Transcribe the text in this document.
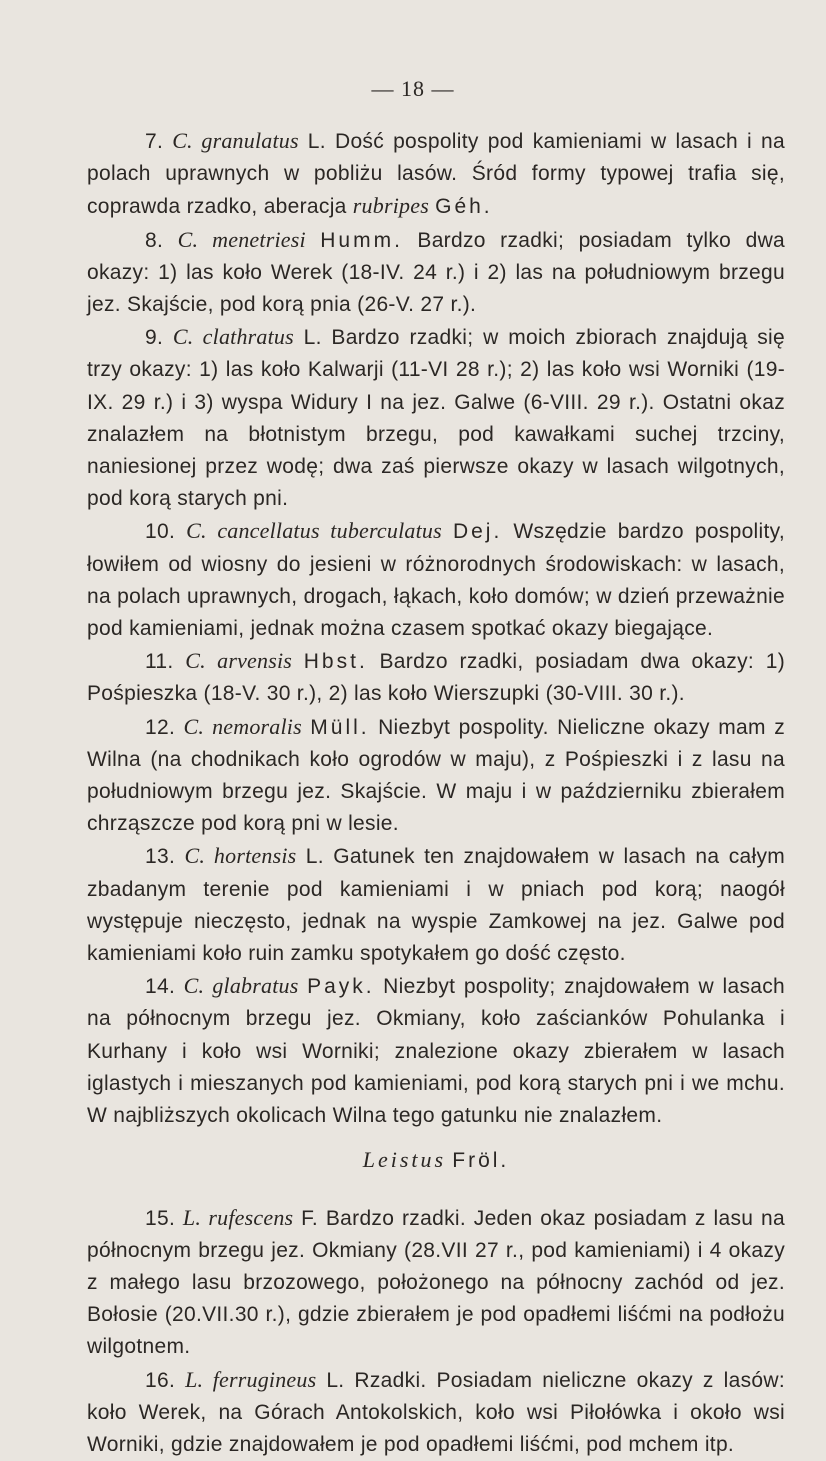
— 18 —

7. C. granulatus L. Dość pospolity pod kamieniami w lasach i na polach uprawnych w pobliżu lasów. Śród formy typowej trafia się, coprawda rzadko, aberacja rubripes Géh.

8. C. menetriesi Humm. Bardzo rzadki; posiadam tylko dwa okazy: 1) las koło Werek (18-IV. 24 r.) i 2) las na południowym brzegu jez. Skajście, pod korą pnia (26-V. 27 r.).

9. C. clathratus L. Bardzo rzadki; w moich zbiorach znajdują się trzy okazy: 1) las koło Kalwarji (11-VI 28 r.); 2) las koło wsi Worniki (19-IX. 29 r.) i 3) wyspa Widury I na jez. Galwe (6-VIII. 29 r.). Ostatni okaz znalazłem na błotnistym brzegu, pod kawałkami suchej trzciny, naniesionej przez wodę; dwa zaś pierwsze okazy w lasach wilgotnych, pod korą starych pni.

10. C. cancellatus tuberculatus Dej. Wszędzie bardzo pospolity, łowiłem od wiosny do jesieni w różnorodnych środowiskach: w lasach, na polach uprawnych, drogach, łąkach, koło domów; w dzień przeważnie pod kamieniami, jednak można czasem spotkać okazy biegające.

11. C. arvensis Hbst. Bardzo rzadki, posiadam dwa okazy: 1) Pośpieszka (18-V. 30 r.), 2) las koło Wierszupki (30-VIII. 30 r.).

12. C. nemoralis Müll. Niezbyt pospolity. Nieliczne okazy mam z Wilna (na chodnikach koło ogrodów w maju), z Pośpieszki i z lasu na południowym brzegu jez. Skajście. W maju i w październiku zbierałem chrząszcze pod korą pni w lesie.

13. C. hortensis L. Gatunek ten znajdowałem w lasach na całym zbadanym terenie pod kamieniami i w pniach pod korą; naogół występuje nieczęsto, jednak na wyspie Zamkowej na jez. Galwe pod kamieniami koło ruin zamku spotykałem go dość często.

14. C. glabratus Payk. Niezbyt pospolity; znajdowałem w lasach na północnym brzegu jez. Okmiany, koło zaścianków Pohulanka i Kurhany i koło wsi Worniki; znalezione okazy zbierałem w lasach iglastych i mieszanych pod kamieniami, pod korą starych pni i we mchu. W najbliższych okolicach Wilna tego gatunku nie znalazłem.

Leistus Fröl.

15. L. rufescens F. Bardzo rzadki. Jeden okaz posiadam z lasu na północnym brzegu jez. Okmiany (28.VII 27 r., pod kamieniami) i 4 okazy z małego lasu brzozowego, położonego na północny zachód od jez. Bołosie (20.VII.30 r.), gdzie zbierałem je pod opadłemi liśćmi na podłożu wilgotnem.

16. L. ferrugineus L. Rzadki. Posiadam nieliczne okazy z lasów: koło Werek, na Górach Antokolskich, koło wsi Piłołówka i około wsi Worniki, gdzie znajdowałem je pod opadłemi liśćmi, pod mchem itp.
